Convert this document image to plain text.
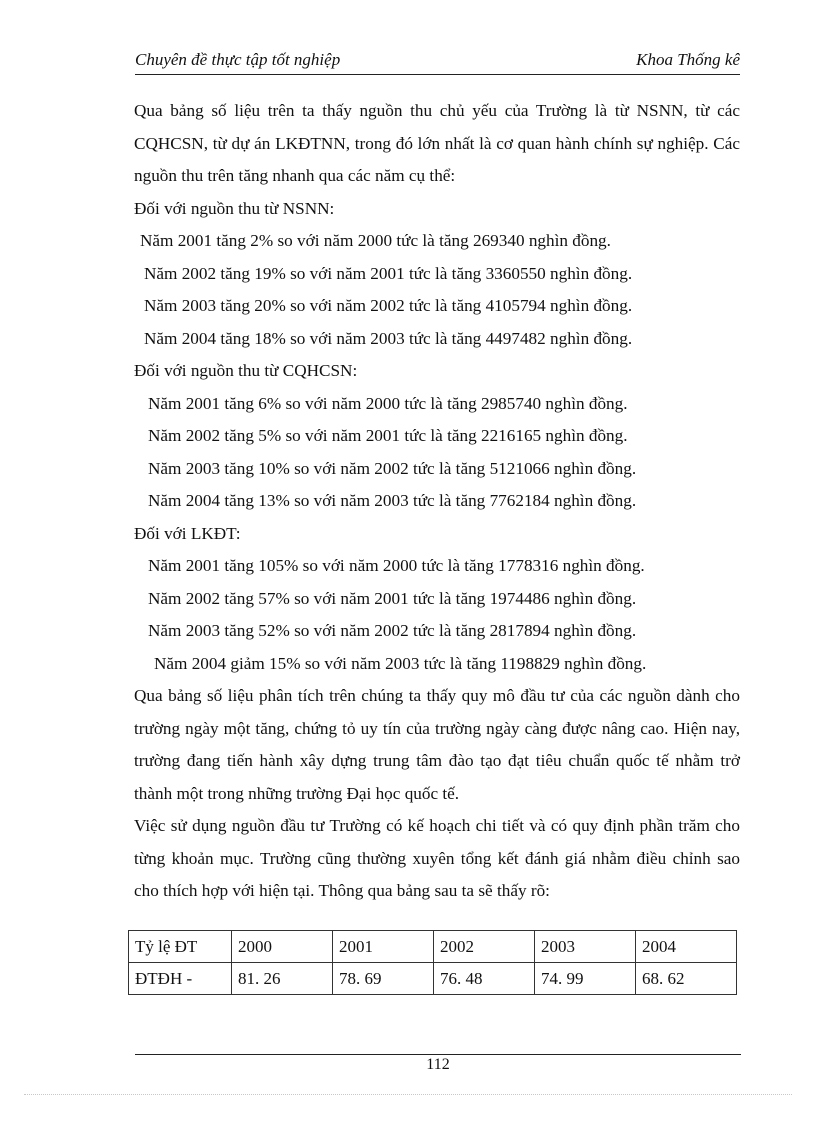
Chuyên đề thực tập tốt nghiệp	Khoa Thống kê

Qua bảng số liệu trên ta thấy nguồn thu chủ yếu của Trường là từ NSNN, từ các CQHCSN, từ dự án LKĐTNN, trong đó lớn nhất là cơ quan hành chính sự nghiệp. Các nguồn thu trên tăng nhanh qua các năm cụ thể:

Đối với nguồn thu từ NSNN:

Năm 2001 tăng 2% so với năm 2000 tức là tăng 269340 nghìn đồng.

Năm 2002 tăng 19% so với năm 2001 tức là tăng 3360550 nghìn đồng.

Năm 2003 tăng 20% so với năm 2002 tức là tăng 4105794 nghìn đồng.

Năm 2004 tăng 18% so với năm 2003 tức là tăng 4497482 nghìn đồng.

Đối với nguồn thu từ CQHCSN:

Năm 2001 tăng 6% so với năm 2000 tức là tăng 2985740 nghìn đồng.

Năm 2002 tăng 5% so với năm 2001 tức là tăng 2216165 nghìn đồng.

Năm 2003 tăng 10% so với năm 2002 tức là tăng 5121066 nghìn đồng.

Năm 2004 tăng 13% so với năm 2003 tức là tăng 7762184 nghìn đồng.

Đối với LKĐT:

Năm 2001 tăng 105% so với năm 2000 tức là tăng 1778316 nghìn đồng.

Năm 2002 tăng 57% so với năm 2001 tức là tăng 1974486 nghìn đồng.

Năm 2003 tăng 52% so với năm 2002 tức là tăng 2817894 nghìn đồng.

Năm 2004 giảm 15% so với năm 2003 tức là tăng 1198829 nghìn đồng.

Qua bảng số liệu phân tích trên chúng ta thấy quy mô đầu tư của các nguồn dành cho trường ngày một tăng, chứng tỏ uy tín của trường ngày càng được nâng cao. Hiện nay, trường đang tiến hành xây dựng trung tâm đào tạo đạt tiêu chuẩn quốc tế nhằm trở thành một trong những trường Đại học quốc tế.

Việc sử dụng nguồn đầu tư Trường có kế hoạch chi tiết và có quy định phần trăm cho từng khoản mục. Trường cũng thường xuyên tổng kết đánh giá nhằm điều chỉnh sao cho thích hợp với hiện tại. Thông qua bảng sau ta sẽ thấy rõ:

Tỷ lệ ĐT	2000	2001	2002	2003	2004
ĐTĐH -	81. 26	78. 69	76. 48	74. 99	68. 62
112
